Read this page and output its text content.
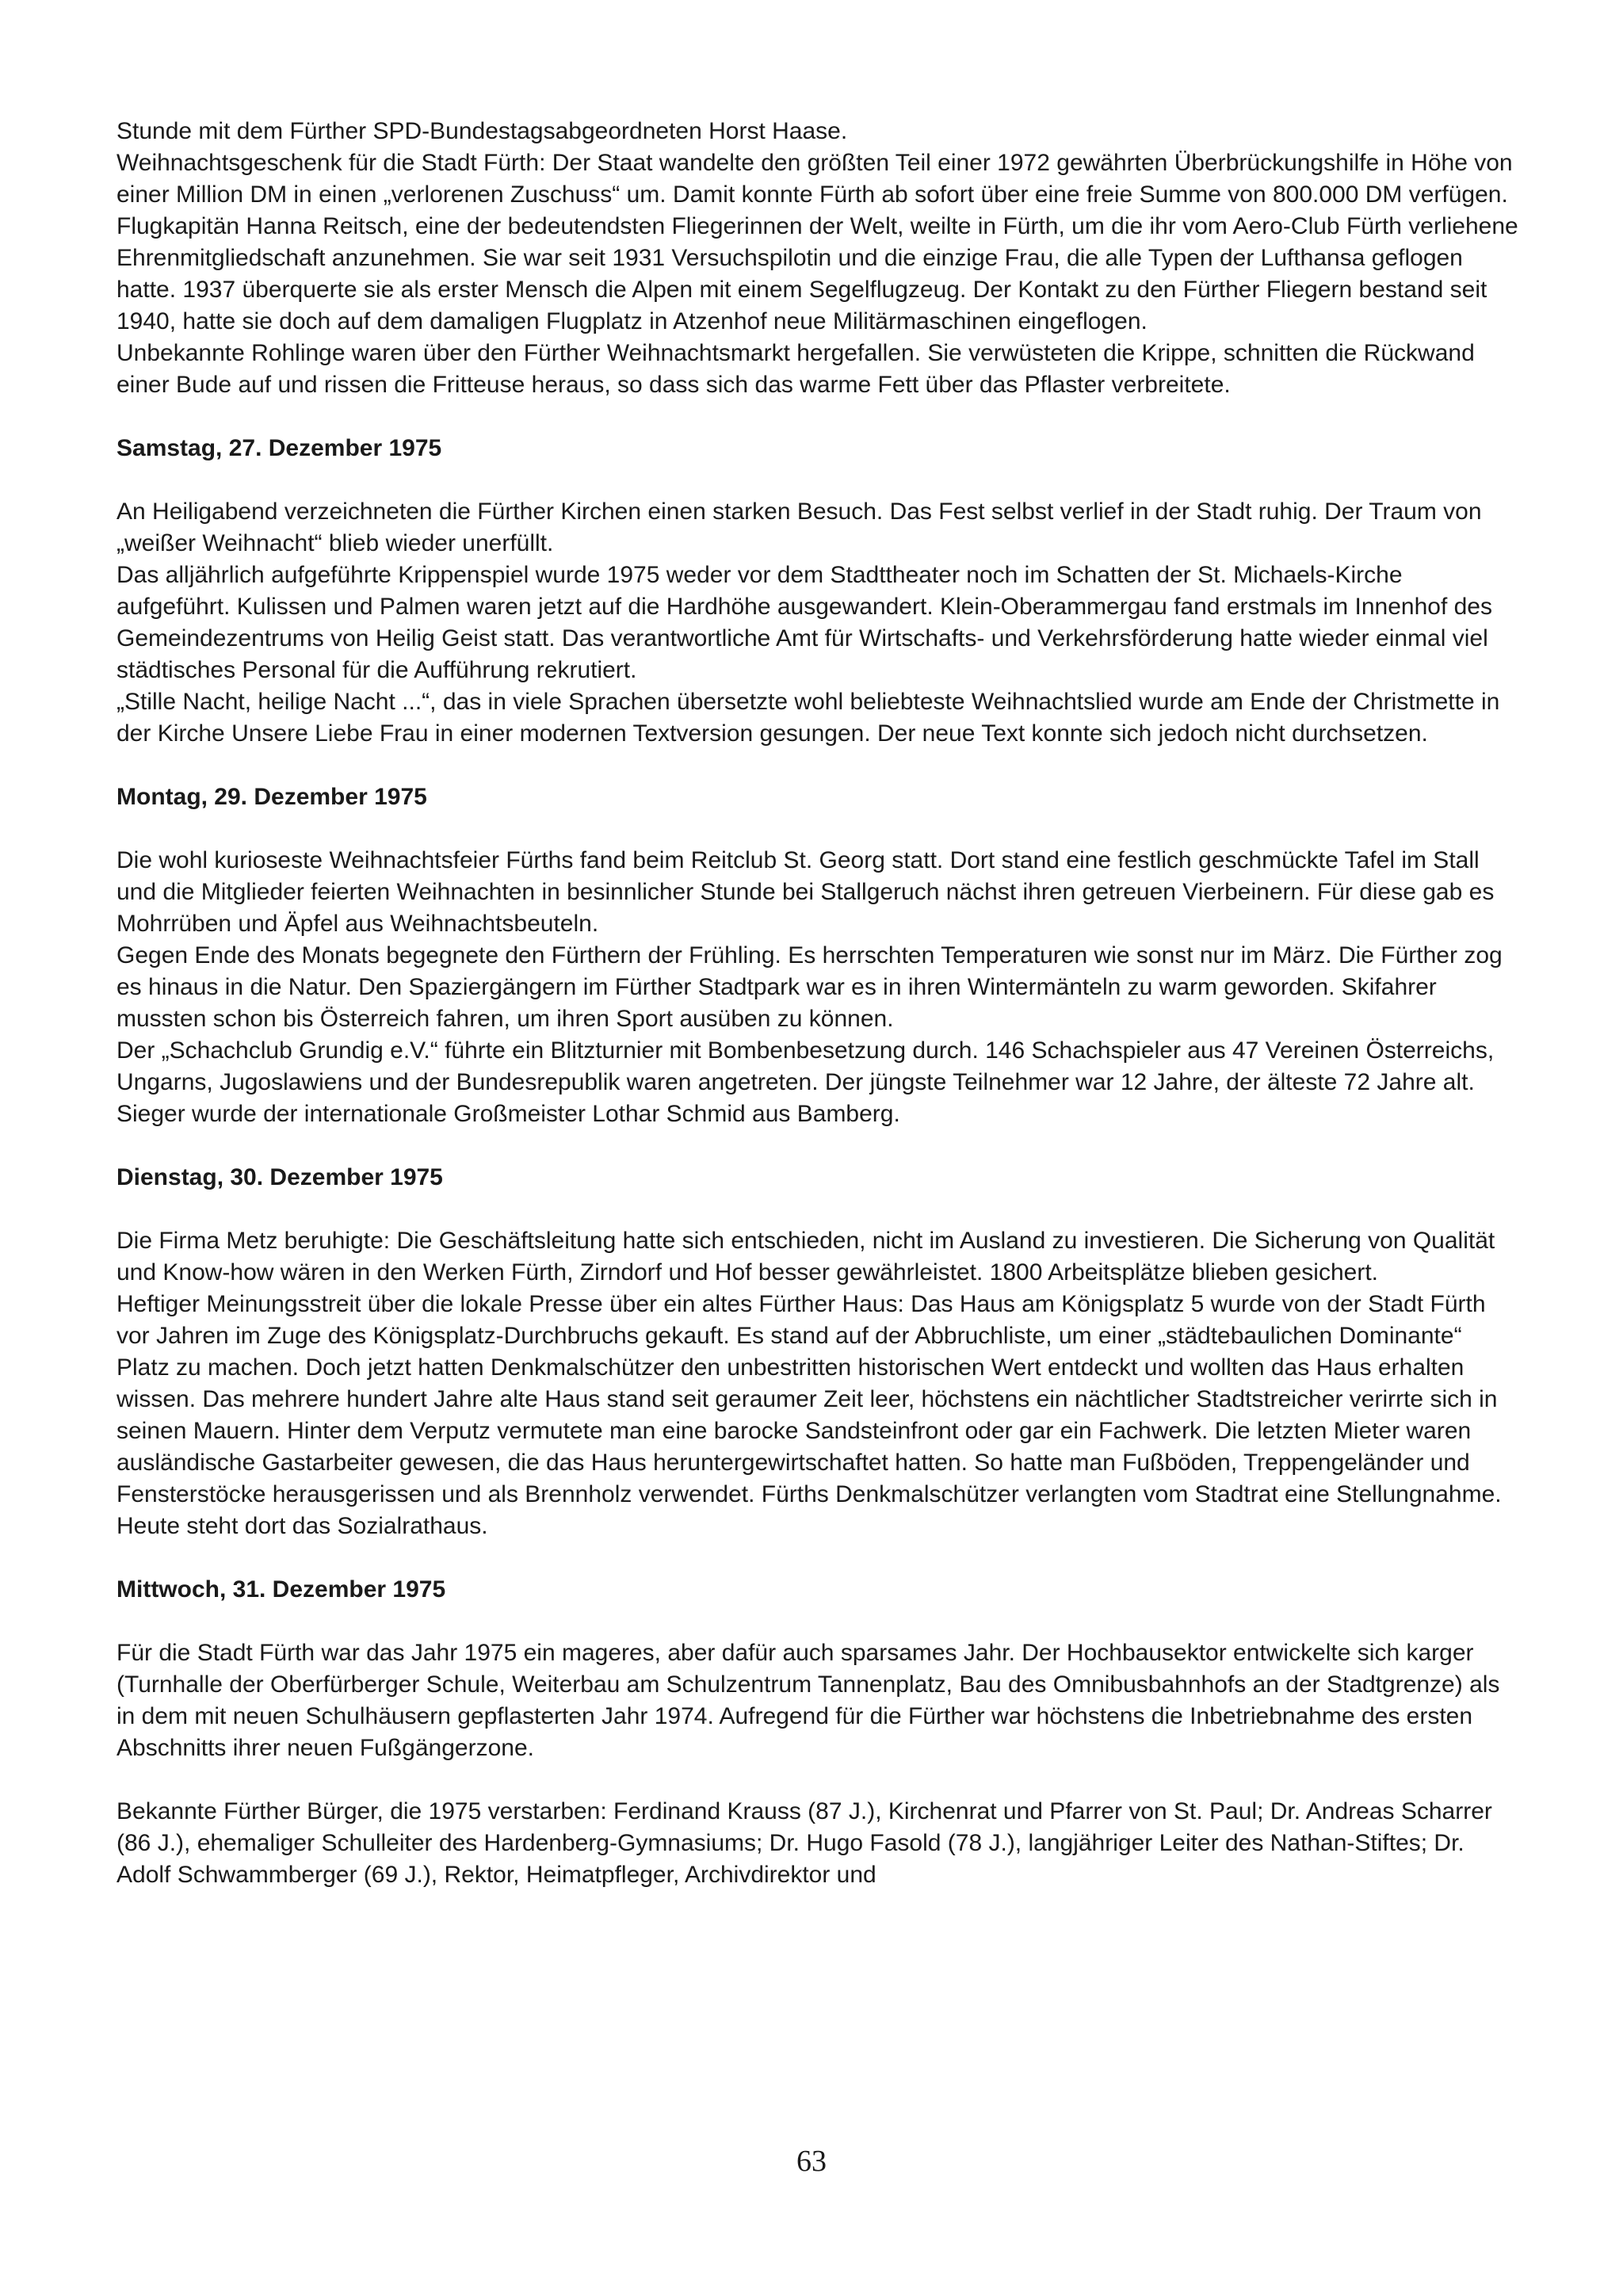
Stunde mit dem Fürther SPD-Bundestagsabgeordneten Horst Haase.

Weihnachtsgeschenk für die Stadt Fürth: Der Staat wandelte den größten Teil einer 1972 gewährten Überbrückungshilfe in Höhe von einer Million DM in einen „verlorenen Zuschuss“ um. Damit konnte Fürth ab sofort über eine freie Summe von 800.000 DM verfügen.

Flugkapitän Hanna Reitsch, eine der bedeutendsten Fliegerinnen der Welt, weilte in Fürth, um die ihr vom Aero-Club Fürth verliehene Ehrenmitgliedschaft anzunehmen. Sie war seit 1931 Versuchspilotin und die einzige Frau, die alle Typen der Lufthansa geflogen hatte. 1937 überquerte sie als erster Mensch die Alpen mit einem Segelflugzeug. Der Kontakt zu den Fürther Fliegern bestand seit 1940, hatte sie doch auf dem damaligen Flugplatz in Atzenhof neue Militärmaschinen eingeflogen.

Unbekannte Rohlinge waren über den Fürther Weihnachtsmarkt hergefallen. Sie verwüsteten die Krippe, schnitten die Rückwand einer Bude auf und rissen die Fritteuse heraus, so dass sich das warme Fett über das Pflaster verbreitete.

Samstag, 27. Dezember 1975

An Heiligabend verzeichneten die Fürther Kirchen einen starken Besuch. Das Fest selbst verlief in der Stadt ruhig. Der Traum von „weißer Weihnacht“ blieb wieder unerfüllt.

Das alljährlich aufgeführte Krippenspiel wurde 1975 weder vor dem Stadttheater noch im Schatten der St. Michaels-Kirche aufgeführt. Kulissen und Palmen waren jetzt auf die Hardhöhe ausgewandert. Klein-Oberammergau fand erstmals im Innenhof des Gemeindezentrums von Heilig Geist statt. Das verantwortliche Amt für Wirtschafts- und Verkehrsförderung hatte wieder einmal viel städtisches Personal für die Aufführung rekrutiert.

„Stille Nacht, heilige Nacht ...“, das in viele Sprachen übersetzte wohl beliebteste Weihnachtslied wurde am Ende der Christmette in der Kirche Unsere Liebe Frau in einer modernen Textversion gesungen. Der neue Text konnte sich jedoch nicht durchsetzen.

Montag, 29. Dezember 1975

Die wohl kurioseste Weihnachtsfeier Fürths fand beim Reitclub St. Georg statt. Dort stand eine festlich geschmückte Tafel im Stall und die Mitglieder feierten Weihnachten in besinnlicher Stunde bei Stallgeruch nächst ihren getreuen Vierbeinern. Für diese gab es Mohrrüben und Äpfel aus Weihnachtsbeuteln.

Gegen Ende des Monats begegnete den Fürthern der Frühling. Es herrschten Temperaturen wie sonst nur im März. Die Fürther zog es hinaus in die Natur. Den Spaziergängern im Fürther Stadtpark war es in ihren Wintermänteln zu warm geworden. Skifahrer mussten schon bis Österreich fahren, um ihren Sport ausüben zu können.

Der „Schachclub Grundig e.V.“ führte ein Blitzturnier mit Bombenbesetzung durch. 146 Schachspieler aus 47 Vereinen Österreichs, Ungarns, Jugoslawiens und der Bundesrepublik waren angetreten. Der jüngste Teilnehmer war 12 Jahre, der älteste 72 Jahre alt. Sieger wurde der internationale Großmeister Lothar Schmid aus Bamberg.

Dienstag, 30. Dezember 1975

Die Firma Metz beruhigte: Die Geschäftsleitung hatte sich entschieden, nicht im Ausland zu investieren. Die Sicherung von Qualität und Know-how wären in den Werken Fürth, Zirndorf und Hof besser gewährleistet. 1800 Arbeitsplätze blieben gesichert.

Heftiger Meinungsstreit über die lokale Presse über ein altes Fürther Haus: Das Haus am Königsplatz 5 wurde von der Stadt Fürth vor Jahren im Zuge des Königsplatz-Durchbruchs gekauft. Es stand auf der Abbruchliste, um einer „städtebaulichen Dominante“ Platz zu machen. Doch jetzt hatten Denkmalschützer den unbestritten historischen Wert entdeckt und wollten das Haus erhalten wissen. Das mehrere hundert Jahre alte Haus stand seit geraumer Zeit leer, höchstens ein nächtlicher Stadtstreicher verirrte sich in seinen Mauern. Hinter dem Verputz vermutete man eine barocke Sandsteinfront oder gar ein Fachwerk. Die letzten Mieter waren ausländische Gastarbeiter gewesen, die das Haus heruntergewirtschaftet hatten. So hatte man Fußböden, Treppengeländer und Fensterstöcke herausgerissen und als Brennholz verwendet. Fürths Denkmalschützer verlangten vom Stadtrat eine Stellungnahme. Heute steht dort das Sozialrathaus.

Mittwoch, 31. Dezember 1975

Für die Stadt Fürth war das Jahr 1975 ein mageres, aber dafür auch sparsames Jahr. Der Hochbausektor entwickelte sich karger (Turnhalle der Oberfürberger Schule, Weiterbau am Schulzentrum Tannenplatz, Bau des Omnibusbahnhofs an der Stadtgrenze) als in dem mit neuen Schulhäusern gepflasterten Jahr 1974. Aufregend für die Fürther war höchstens die Inbetriebnahme des ersten Abschnitts ihrer neuen Fußgängerzone.

Bekannte Fürther Bürger, die 1975 verstarben: Ferdinand Krauss (87 J.), Kirchenrat und Pfarrer von St. Paul; Dr. Andreas Scharrer (86 J.), ehemaliger Schulleiter des Hardenberg-Gymnasiums; Dr. Hugo Fasold (78 J.), langjähriger Leiter des Nathan-Stiftes; Dr. Adolf Schwammberger (69 J.), Rektor, Heimatpfleger, Archivdirektor und

63
